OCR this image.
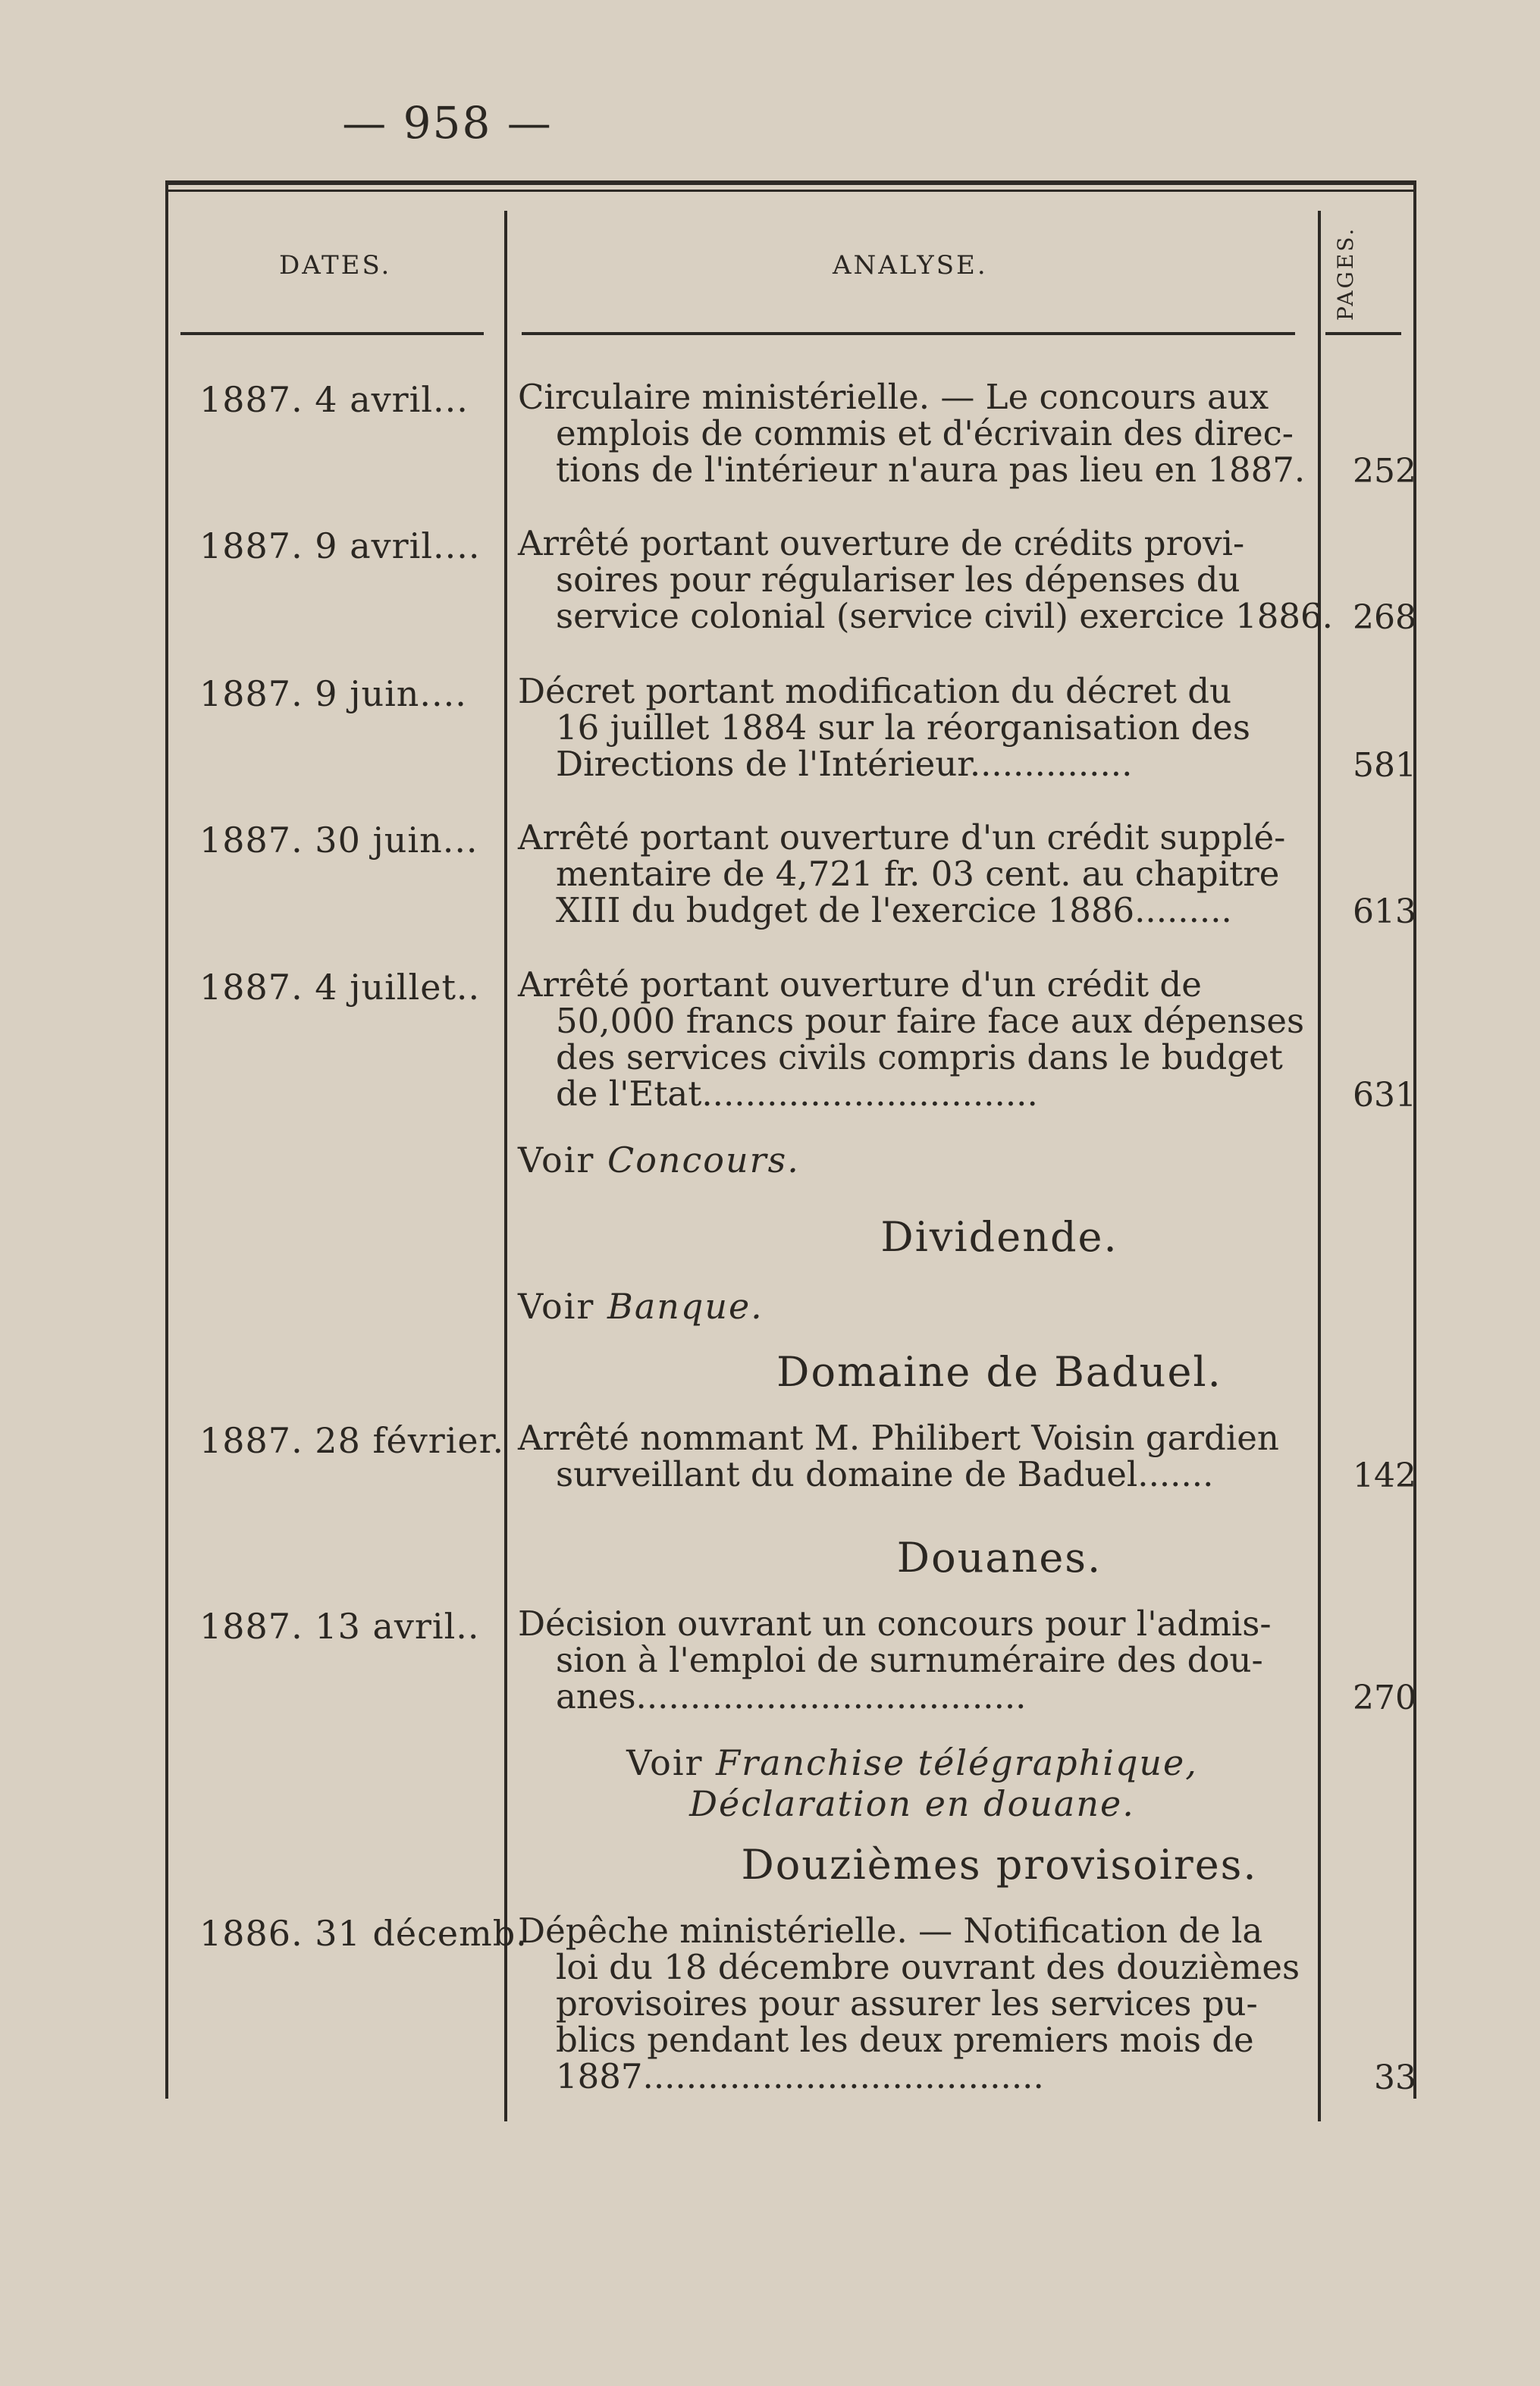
— 958 —
DATES.	ANALYSE.	PAGES.
1887. 4 avril...	Circulaire ministérielle. — Le concours aux
emplois de commis et d'écrivain des direc-
tions de l'intérieur n'aura pas lieu en 1887.	252
1887. 9 avril....	Arrêté portant ouverture de crédits provi-
soires pour régulariser les dépenses du
service colonial (service civil) exercice 1886. 268
1887. 9 juin....	Décret portant modification du décret du
16 juillet 1884 sur la réorganisation des
Directions de l'Intérieur...............	581
1887. 30 juin...	Arrêté portant ouverture d'un crédit supplé-
mentaire de 4,721 fr. 03 cent. au chapitre
XIII du budget de l'exercice 1886.........	613
1887. 4 juillet..	Arrêté portant ouverture d'un crédit de
50,000 francs pour faire face aux dépenses
des services civils compris dans le budget
de l'Etat...............................	631
Voir Concours.
Dividende.
Voir Banque.
Domaine de Baduel.
1887. 28 février. Arrêté nommant M. Philibert Voisin gardien
surveillant du domaine de Baduel.......	142
Douanes.
1887. 13 avril..	Décision ouvrant un concours pour l'admis-
sion à l'emploi de surnuméraire des dou-
anes....................................	270
Voir Franchise télégraphique, Déclaration en douane.
Douzièmes provisoires.
1886. 31 décemb.
Dépêche ministérielle. — Notification de la
loi du 18 décembre ouvrant des douzièmes
provisoires pour assurer les services pu-
blics pendant les deux premiers mois de
1887.....................................	33
